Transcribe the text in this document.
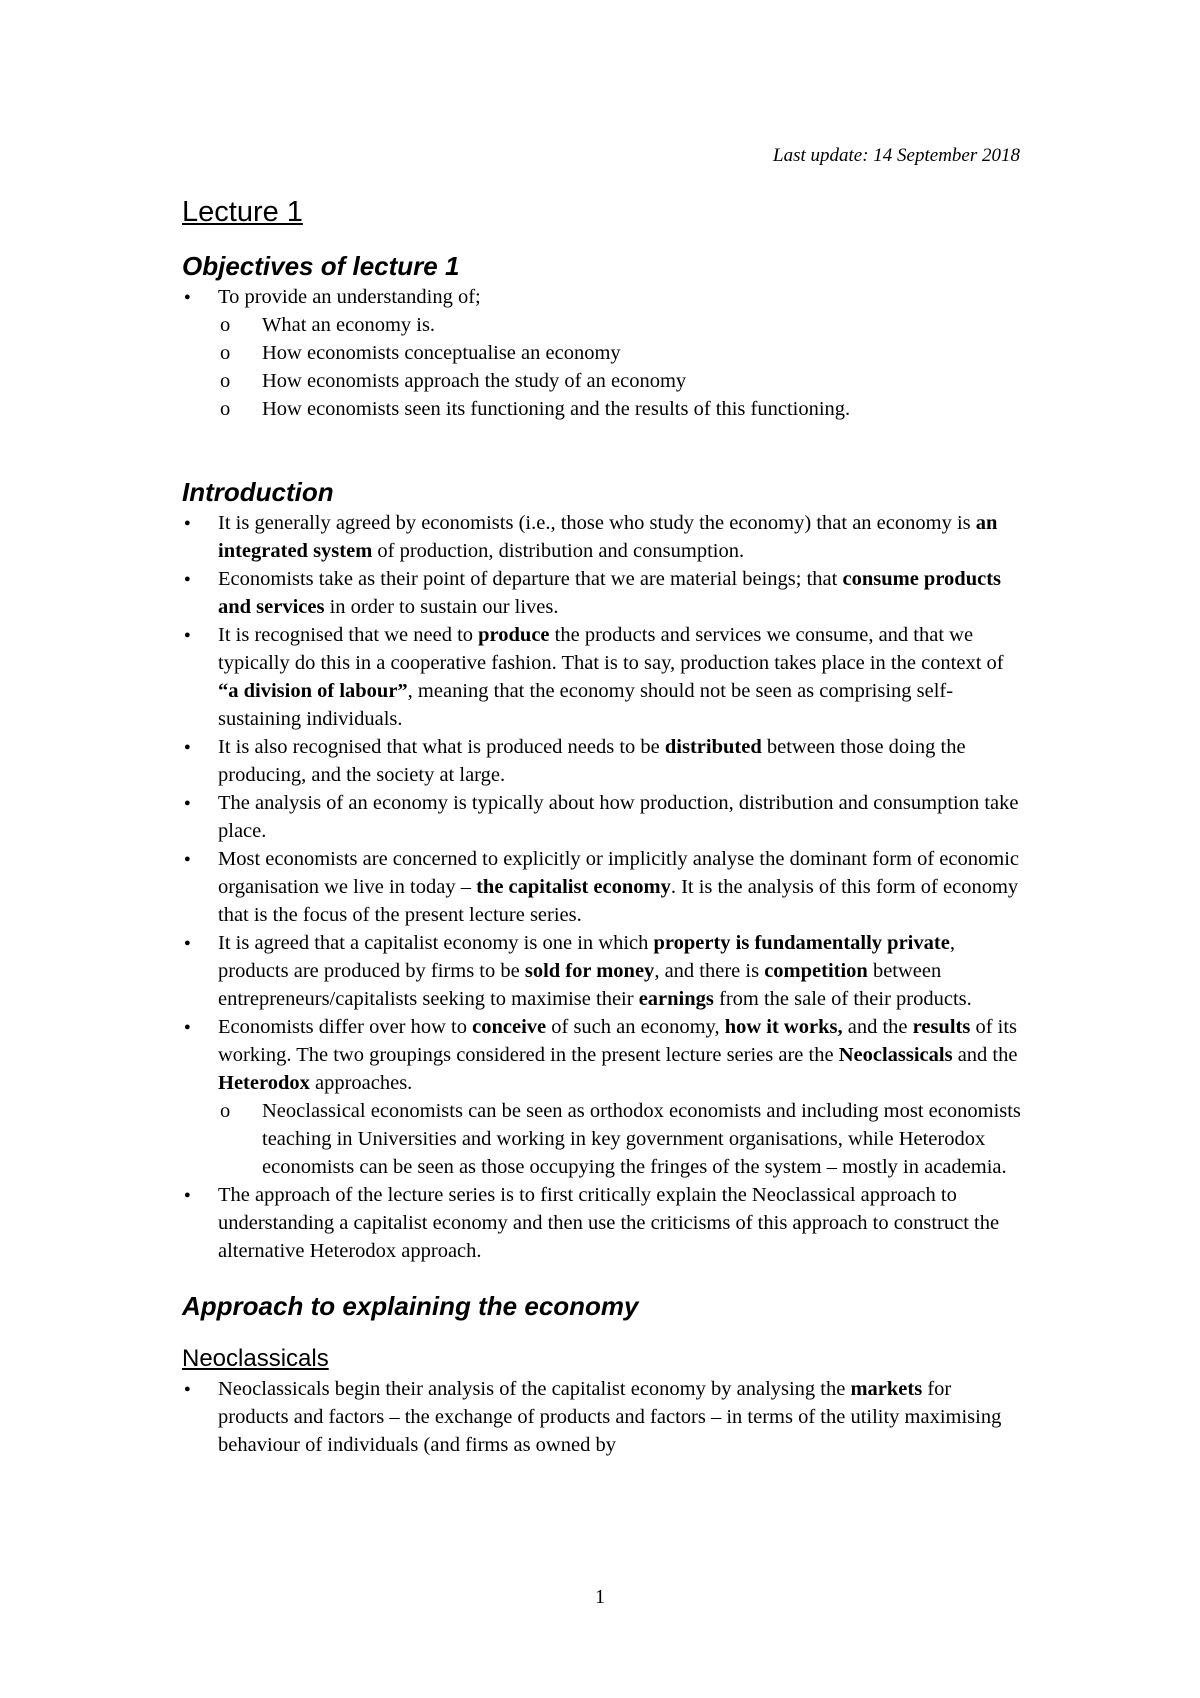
Last update: 14 September 2018
Lecture 1
Objectives of lecture 1
● To provide an understanding of;
o What an economy is.
o How economists conceptualise an economy
o How economists approach the study of an economy
o How economists seen its functioning and the results of this functioning.
Introduction
● It is generally agreed by economists (i.e., those who study the economy) that an economy is an integrated system of production, distribution and consumption.
● Economists take as their point of departure that we are material beings; that consume products and services in order to sustain our lives.
● It is recognised that we need to produce the products and services we consume, and that we typically do this in a cooperative fashion. That is to say, production takes place in the context of “a division of labour”, meaning that the economy should not be seen as comprising self-sustaining individuals.
● It is also recognised that what is produced needs to be distributed between those doing the producing, and the society at large.
● The analysis of an economy is typically about how production, distribution and consumption take place.
● Most economists are concerned to explicitly or implicitly analyse the dominant form of economic organisation we live in today – the capitalist economy. It is the analysis of this form of economy that is the focus of the present lecture series.
● It is agreed that a capitalist economy is one in which property is fundamentally private, products are produced by firms to be sold for money, and there is competition between entrepreneurs/capitalists seeking to maximise their earnings from the sale of their products.
● Economists differ over how to conceive of such an economy, how it works, and the results of its working. The two groupings considered in the present lecture series are the Neoclassicals and the Heterodox approaches.
o Neoclassical economists can be seen as orthodox economists and including most economists teaching in Universities and working in key government organisations, while Heterodox economists can be seen as those occupying the fringes of the system – mostly in academia.
● The approach of the lecture series is to first critically explain the Neoclassical approach to understanding a capitalist economy and then use the criticisms of this approach to construct the alternative Heterodox approach.
Approach to explaining the economy
Neoclassicals
● Neoclassicals begin their analysis of the capitalist economy by analysing the markets for products and factors – the exchange of products and factors – in terms of the utility maximising behaviour of individuals (and firms as owned by
1
